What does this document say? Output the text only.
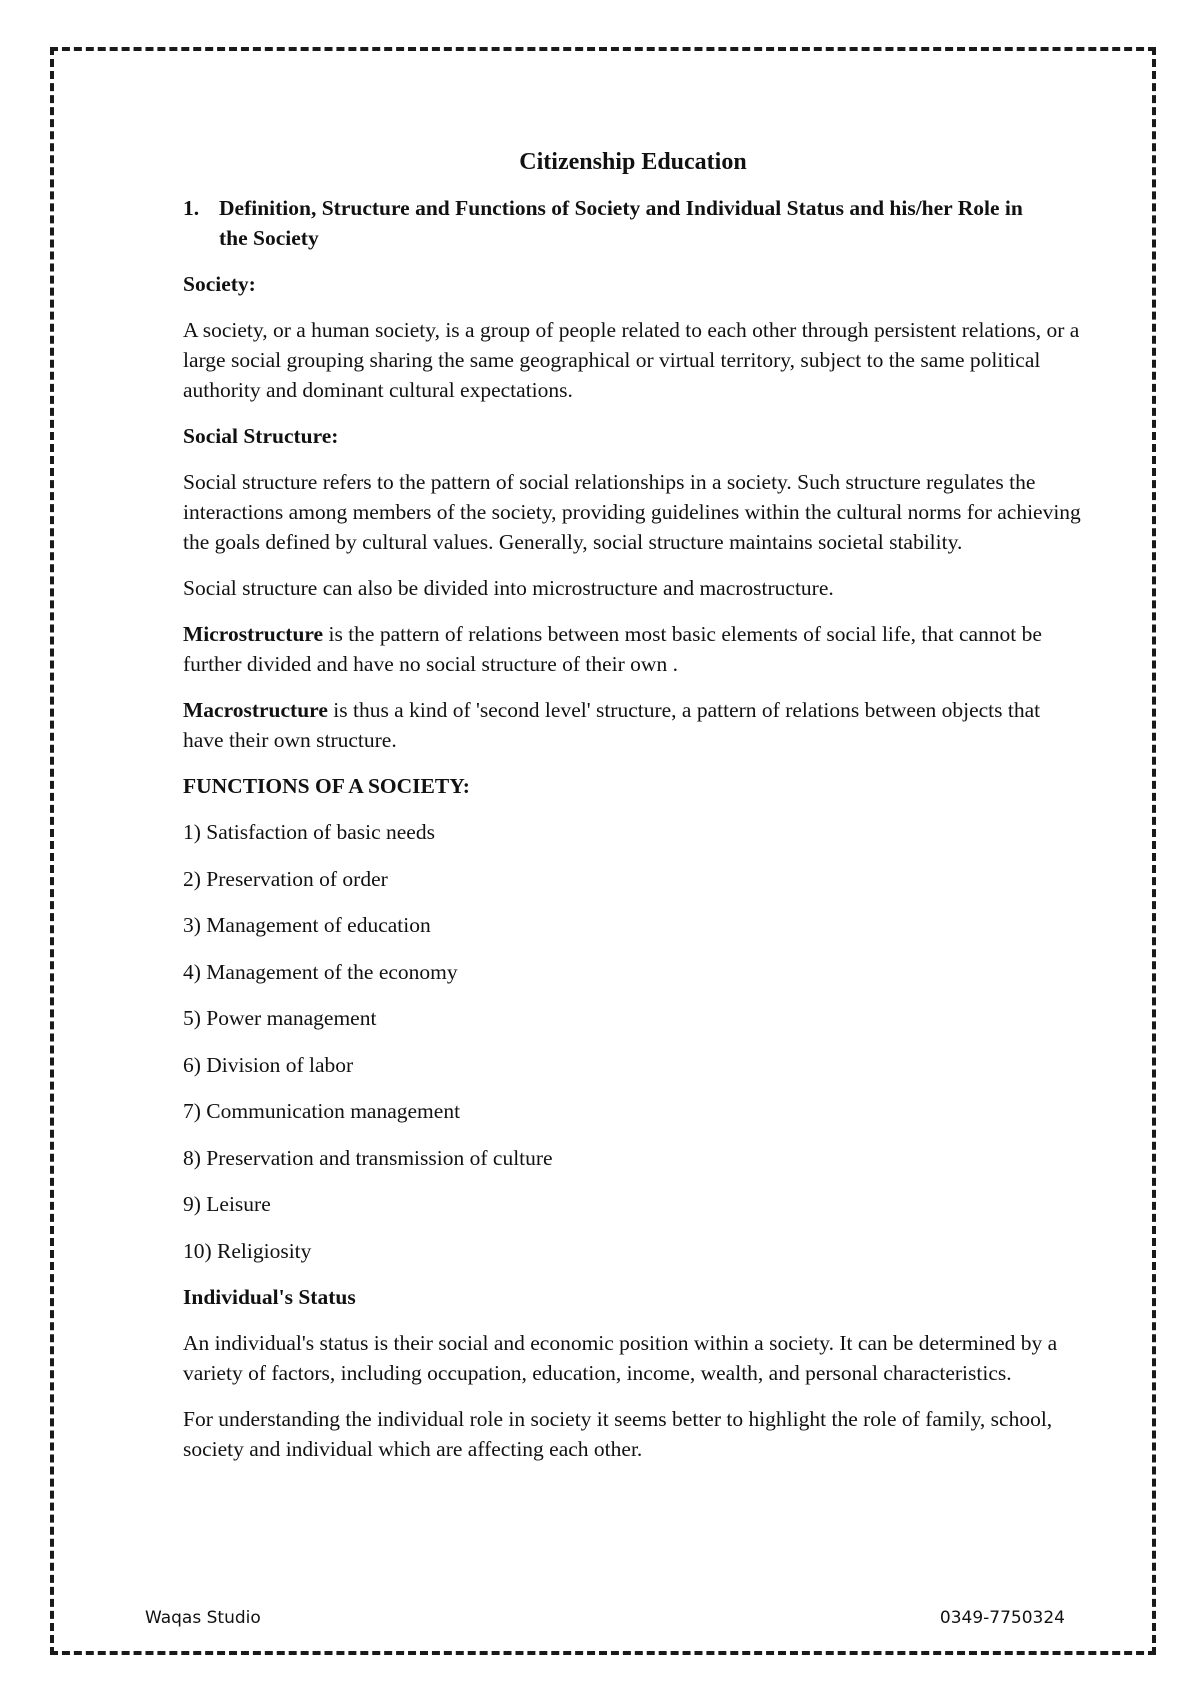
Citizenship Education
1. Definition, Structure and Functions of Society and Individual Status and his/her Role in the Society
Society:

A society, or a human society, is a group of people related to each other through persistent relations, or a large social grouping sharing the same geographical or virtual territory, subject to the same political authority and dominant cultural expectations.

Social Structure:

Social structure refers to the pattern of social relationships in a society. Such structure regulates the interactions among members of the society, providing guidelines within the cultural norms for achieving the goals defined by cultural values. Generally, social structure maintains societal stability.

Social structure can also be divided into microstructure and macrostructure.

Microstructure is the pattern of relations between most basic elements of social life, that cannot be further divided and have no social structure of their own .

Macrostructure is thus a kind of 'second level' structure, a pattern of relations between objects that have their own structure.

FUNCTIONS OF A SOCIETY:
1) Satisfaction of basic needs
2) Preservation of order
3) Management of education
4) Management of the economy
5) Power management
6) Division of labor
7) Communication management
8) Preservation and transmission of culture
9) Leisure
10) Religiosity
Individual's Status

An individual's status is their social and economic position within a society. It can be determined by a variety of factors, including occupation, education, income, wealth, and personal characteristics.

For understanding the individual role in society it seems better to highlight the role of family, school, society and individual which are affecting each other.

Waqas Studio	0349-7750324
